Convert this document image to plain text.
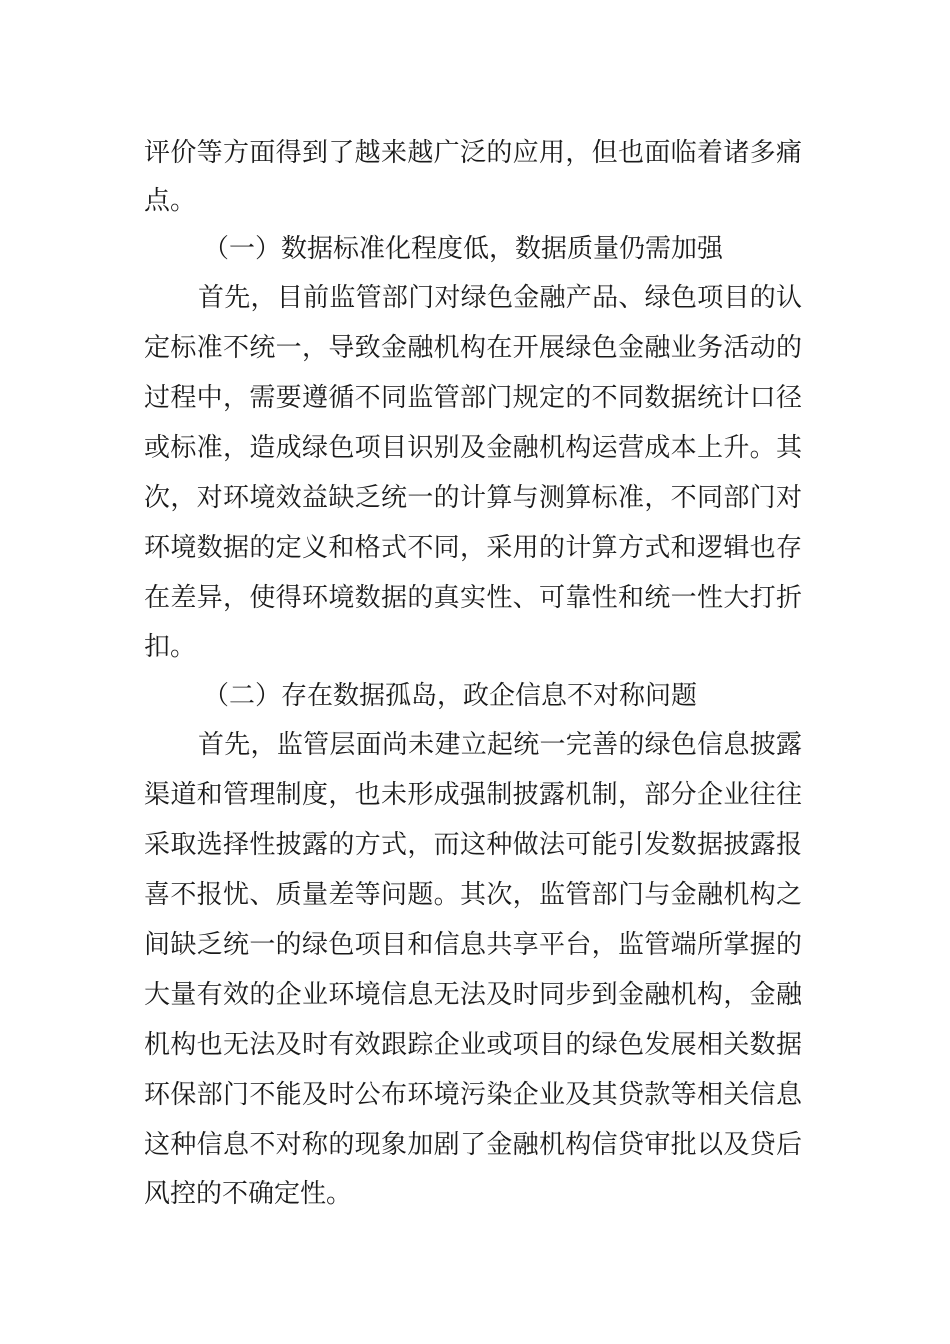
评价等方面得到了越来越广泛的应用，但也面临着诸多痛
点。
（一）数据标准化程度低，数据质量仍需加强
首先，目前监管部门对绿色金融产品、绿色项目的认
定标准不统一，导致金融机构在开展绿色金融业务活动的
过程中，需要遵循不同监管部门规定的不同数据统计口径
或标准，造成绿色项目识别及金融机构运营成本上升。其
次，对环境效益缺乏统一的计算与测算标准，不同部门对
环境数据的定义和格式不同，采用的计算方式和逻辑也存
在差异，使得环境数据的真实性、可靠性和统一性大打折
扣。
（二）存在数据孤岛，政企信息不对称问题
首先，监管层面尚未建立起统一完善的绿色信息披露
渠道和管理制度，也未形成强制披露机制，部分企业往往
采取选择性披露的方式，而这种做法可能引发数据披露报
喜不报忧、质量差等问题。其次，监管部门与金融机构之
间缺乏统一的绿色项目和信息共享平台，监管端所掌握的
大量有效的企业环境信息无法及时同步到金融机构，金融
机构也无法及时有效跟踪企业或项目的绿色发展相关数据
环保部门不能及时公布环境污染企业及其贷款等相关信息
这种信息不对称的现象加剧了金融机构信贷审批以及贷后
风控的不确定性。
